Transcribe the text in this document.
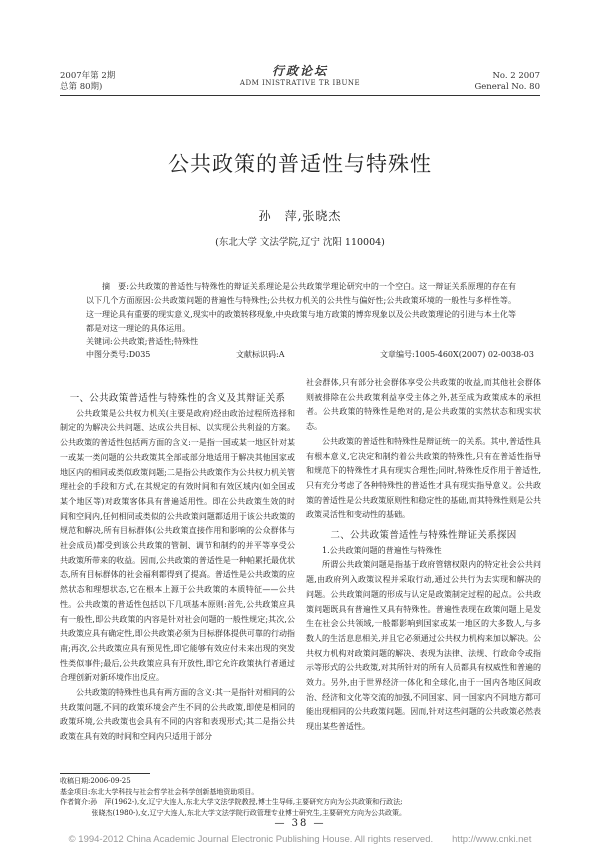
2007年第 2期
总第 80期)
行政论坛
ADM INISTRATIVE TR IBUNE
No. 2 2007
General No. 80
公共政策的普适性与特殊性
孙　萍,张晓杰
(东北大学 文法学院,辽宁 沈阳 110004)

摘　要:公共政策的普适性与特殊性的辩证关系理论是公共政策学理论研究中的一个空白。这一辩证关系原理的存在有以下几个方面原因:公共政策问题的普遍性与特殊性;公共权力机关的公共性与偏好性;公共政策环境的一般性与多样性等。这一理论具有重要的现实意义,现实中的政策转移现象,中央政策与地方政策的博弈现象以及公共政策理论的引进与本土化等都是对这一理论的具体运用。

关键词:公共政策;普适性;特殊性
中图分类号:D035	文献标识码:A	文章编号:1005-460X(2007) 02-0038-03

一、公共政策普适性与特殊性的含义及其辩证关系

公共政策是公共权力机关(主要是政府)经由政治过程所选择和制定的为解决公共问题、达成公共目标、以实现公共利益的方案。公共政策的普适性包括两方面的含义:一是指一国或某一地区针对某一或某一类问题的公共政策其全部或部分地适用于解决其他国家或地区内的相同或类似政策问题;二是指公共政策作为公共权力机关管理社会的手段和方式,在其规定的有效时间和有效区域内(如全国或某个地区等)对政策客体具有普遍适用性。即在公共政策生效的时间和空间内,任何相同或类似的公共政策问题都适用于该公共政策的规范和解决,所有目标群体(公共政策直接作用和影响的公众群体与社会成员)都受到该公共政策的管制、调节和制约的并平等享受公共政策所带来的收益。因而,公共政策的普适性是一种帕累托最优状态,所有目标群体的社会福利都得到了提高。普适性是公共政策的应然状态和理想状态,它在根本上源于公共政策的本质特征——公共性。公共政策的普适性包括以下几项基本原则:首先,公共政策应具有一般性,即公共政策的内容是针对社会问题的一般性规定;其次,公共政策应具有确定性,即公共政策必须为目标群体提供可靠的行动指南;再次,公共政策应具有预见性,即它能够有效应付未来出现的突发性类似事件;最后,公共政策应具有开放性,即它允许政策执行者通过合理创新对新环境作出反应。

公共政策的特殊性也具有两方面的含义:其一是指针对相同的公共政策问题,不同的政策环境会产生不同的公共政策,即使是相同的政策环境,公共政策也会具有不同的内容和表现形式;其二是指公共政策在具有效的时间和空间内只适用于部分

社会群体,只有部分社会群体享受公共政策的收益,而其他社会群体则被排除在公共政策利益享受主体之外,甚至成为政策成本的承担者。公共政策的特殊性是绝对的,是公共政策的实然状态和现实状态。

公共政策的普适性和特殊性是辩证统一的关系。其中,普适性具有根本意义,它决定和制约着公共政策的特殊性,只有在普适性指导和规范下的特殊性才具有现实合理性;同时,特殊性反作用于普适性,只有充分考虑了各种特殊性的普适性才具有现实指导意义。公共政策的普适性是公共政策原则性和稳定性的基础,而其特殊性则是公共政策灵活性和变动性的基础。

二、公共政策普适性与特殊性辩证关系探因

1.公共政策问题的普遍性与特殊性

所谓公共政策问题是指基于政府管辖权限内的特定社会公共问题,由政府列入政策议程并采取行动,通过公共行为去实现和解决的问题。公共政策问题的形成与认定是政策制定过程的起点。公共政策问题既具有普遍性又具有特殊性。普遍性表现在政策问题上是发生在社会公共领域,一般都影响到国家或某一地区的大多数人,与多数人的生活息息相关,并且它必须通过公共权力机构来加以解决。公共权力机构对政策问题的解决、表现为法律、法规、行政命令或指示等形式的公共政策,对其所针对的所有人员都具有权威性和普遍的效力。另外,由于世界经济一体化和全球化,由于一国内各地区间政治、经济和文化等交流的加强,不同国家、同一国家内不同地方都可能出现相同的公共政策问题。因而,针对这些问题的公共政策必然表现出某些普适性。

收稿日期:2006-09-25
基金项目:东北大学科技与社会哲学社会科学创新基地资助项目。
作者简介:孙　萍(1962-),女,辽宁大连人,东北大学文法学院教授,博士生导师,主要研究方向为公共政策和行政法;
张晓杰(1980-),女,辽宁大连人,东北大学文法学院行政管理专业博士研究生,主要研究方向为公共政策。
— 38 —
© 1994-2012 China Academic Journal Electronic Publishing House. All rights reserved.　　http://www.cnki.net
